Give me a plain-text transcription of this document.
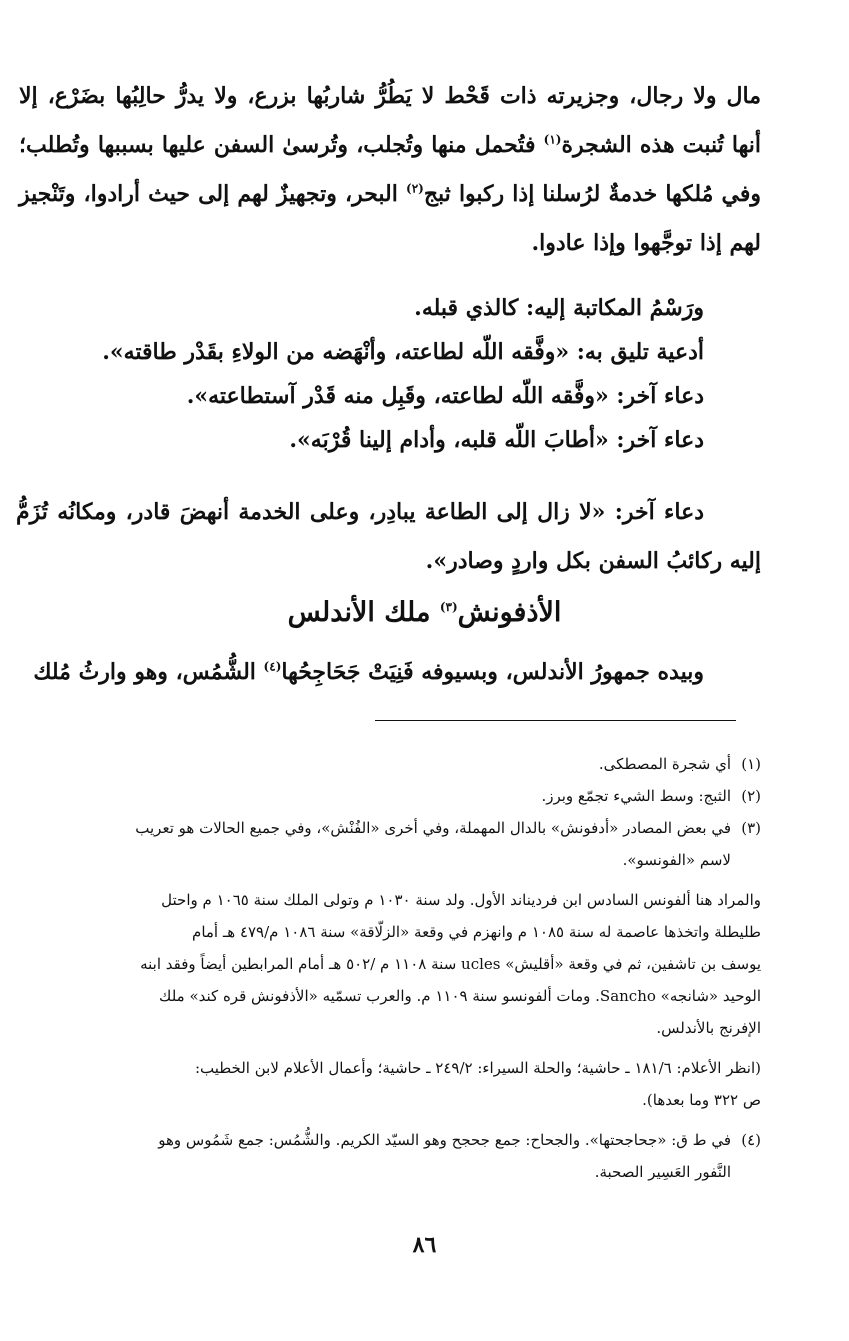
مال ولا رجال، وجزيرته ذات قَحْط لا يَطُرُّ شاربُها بزرع، ولا يدرُّ حالِبُها بضَرْع، إلا أنها تُنبت هذه الشجرة$^{(١)}$ فتُحمل منها وتُجلب، وتُرسىٰ السفن عليها بسببها وتُطلب؛ وفي مُلكها خدمةٌ لرُسلنا إذا ركبوا ثبج$^{(٢)}$ البحر، وتجهيزٌ لهم إلى حيث أرادوا، وتَنْجيز لهم إذا توجَّهوا وإذا عادوا.
ورَسْمُ المكاتبة إليه: كالذي قبله.
أدعية تليق به: «وفَّقه اللّه لطاعته، وأنْهَضه من الولاءِ بقَدْر طاقته».
دعاء آخر: «وفَّقه اللّه لطاعته، وقَبِل منه قَدْر آستطاعته».
دعاء آخر: «أطابَ اللّه قلبه، وأدام إلينا قُرْبَه».
دعاء آخر: «لا زال إلى الطاعة يبادِر، وعلى الخدمة أنهضَ قادر، ومكانُه تُزَمُّ إليه ركائبُ السفن بكل واردٍ وصادر».
الأذفونش$^{(٣)}$ ملك الأندلس
وبيده جمهورُ الأندلس، وبسيوفه فَنِيَتْ جَحَاجِحُها$^{(٤)}$ الشُّمُس، وهو وارثُ مُلك
(١)أي شجرة المصطكى.
(٢)الثبج: وسط الشيء تجمّع وبرز.
(٣)في بعض المصادر «أدفونش» بالدال المهملة، وفي أخرى «الفُنْش»، وفي جميع الحالات هو تعريب
لاسم «الفونسو».
والمراد هنا ألفونس السادس ابن فرديناند الأول. ولد سنة ١٠٣٠ م وتولى الملك سنة ١٠٦٥ م واحتل
طليطلة واتخذها عاصمة له سنة ١٠٨٥ م وانهزم في وقعة «الزلّاقة» سنة ١٠٨٦ م/٤٧٩ هـ أمام
يوسف بن تاشفين، ثم في وقعة «أقليش» ucles سنة ١١٠٨ م /٥٠٢ هـ أمام المرابطين أيضاً وفقد ابنه
الوحيد «شانجه» Sancho. ومات ألفونسو سنة ١١٠٩ م. والعرب تسمّيه «الأذفونش قره كند» ملك
الإفرنج بالأندلس.
(انظر الأعلام: ١٨١/٦ ـ حاشية؛ والحلة السيراء: ٢٤٩/٢ ـ حاشية؛ وأعمال الأعلام لابن الخطيب:
ص ٣٢٢ وما بعدها).
(٤)في ط ق: «جحاجحتها». والجحاح: جمع جحجح وهو السيّد الكريم. والشُّمُس: جمع شَمُوس وهو
النَّفور العَسِير الصحبة.
٨٦
